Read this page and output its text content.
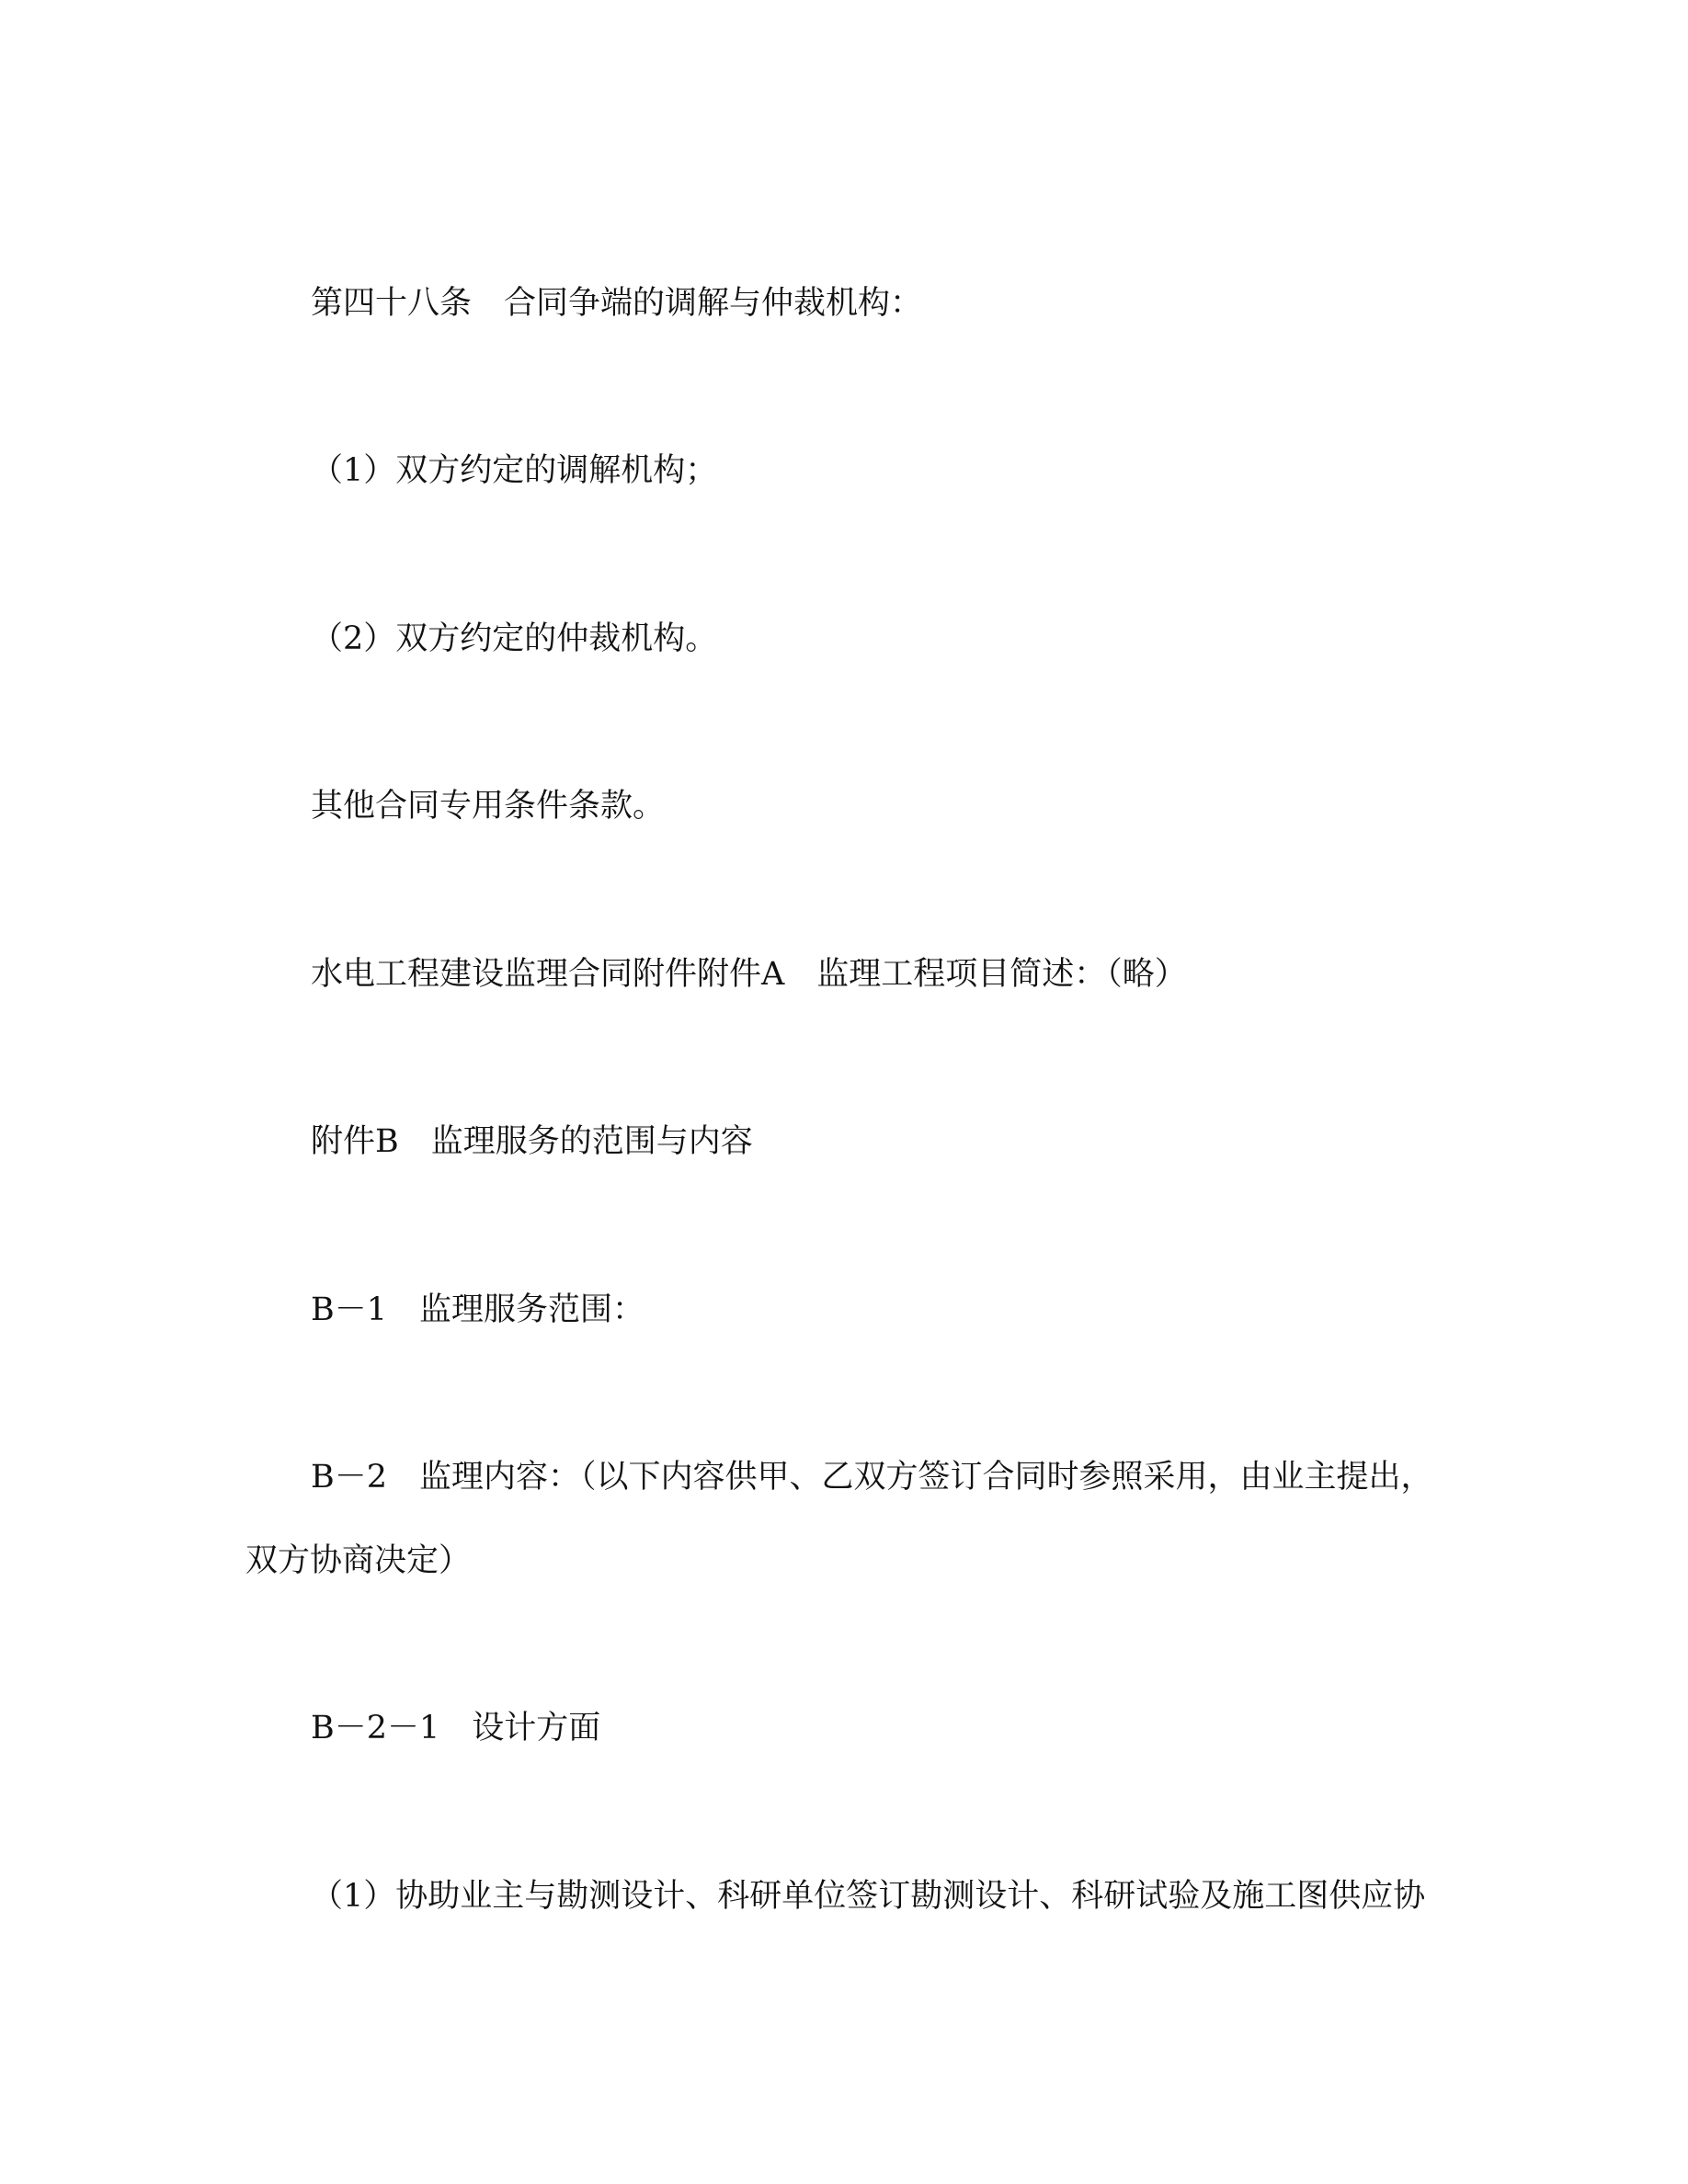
第四十八条　合同争端的调解与仲裁机构：
（1）双方约定的调解机构；
（2）双方约定的仲裁机构。
其他合同专用条件条款。
水电工程建设监理合同附件附件A　监理工程项目简述：（略）
附件B　监理服务的范围与内容
B－1　监理服务范围：
B－2　监理内容：（以下内容供甲、乙双方签订合同时参照采用，由业主提出，
双方协商决定）
B－2－1　设计方面
（1）协助业主与勘测设计、科研单位签订勘测设计、科研试验及施工图供应协
